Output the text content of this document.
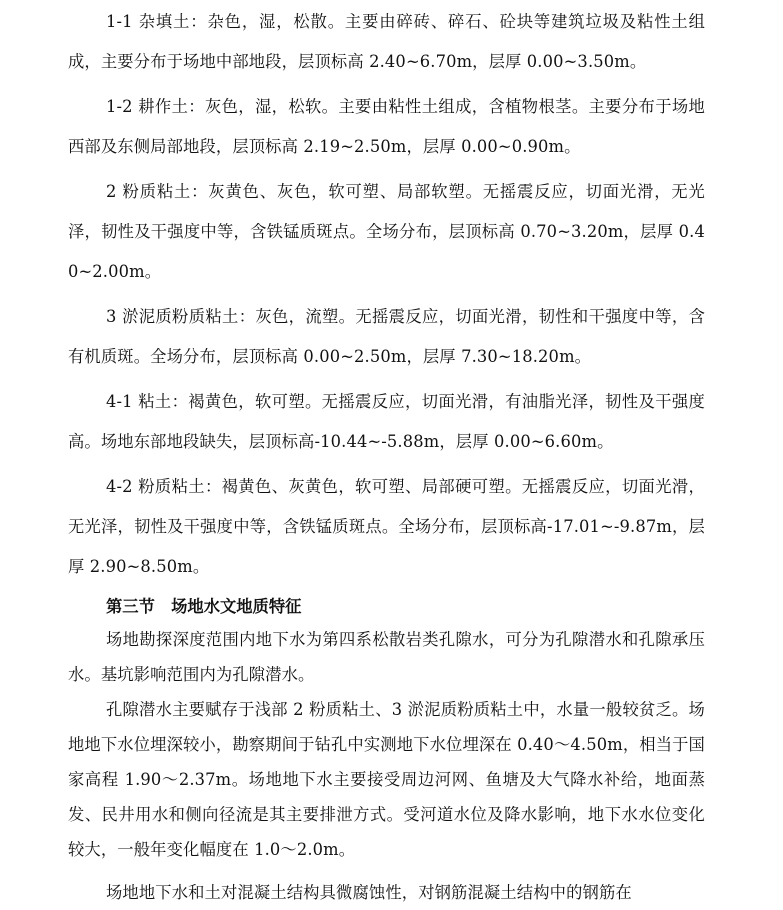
1-1 杂填土：杂色，湿，松散。主要由碎砖、碎石、砼块等建筑垃圾及粘性土组成，主要分布于场地中部地段，层顶标高 2.40~6.70m，层厚 0.00~3.50m。

1-2 耕作土：灰色，湿，松软。主要由粘性土组成，含植物根茎。主要分布于场地西部及东侧局部地段，层顶标高 2.19~2.50m，层厚 0.00~0.90m。

2 粉质粘土：灰黄色、灰色，软可塑、局部软塑。无摇震反应，切面光滑，无光泽，韧性及干强度中等，含铁锰质斑点。全场分布，层顶标高 0.70~3.20m，层厚 0.40~2.00m。

3 淤泥质粉质粘土：灰色，流塑。无摇震反应，切面光滑，韧性和干强度中等，含有机质斑。全场分布，层顶标高 0.00~2.50m，层厚 7.30~18.20m。

4-1 粘土：褐黄色，软可塑。无摇震反应，切面光滑，有油脂光泽，韧性及干强度高。场地东部地段缺失，层顶标高-10.44~-5.88m，层厚 0.00~6.60m。

4-2 粉质粘土：褐黄色、灰黄色，软可塑、局部硬可塑。无摇震反应，切面光滑，无光泽，韧性及干强度中等，含铁锰质斑点。全场分布，层顶标高-17.01~-9.87m，层厚 2.90~8.50m。

第三节　场地水文地质特征

场地勘探深度范围内地下水为第四系松散岩类孔隙水，可分为孔隙潜水和孔隙承压水。基坑影响范围内为孔隙潜水。

孔隙潜水主要赋存于浅部 2 粉质粘土、3 淤泥质粉质粘土中，水量一般较贫乏。场地地下水位埋深较小，勘察期间于钻孔中实测地下水位埋深在 0.40～4.50m，相当于国家高程 1.90～2.37m。场地地下水主要接受周边河网、鱼塘及大气降水补给，地面蒸发、民井用水和侧向径流是其主要排泄方式。受河道水位及降水影响，地下水水位变化较大，一般年变化幅度在 1.0～2.0m。

场地地下水和土对混凝土结构具微腐蚀性，对钢筋混凝土结构中的钢筋在
